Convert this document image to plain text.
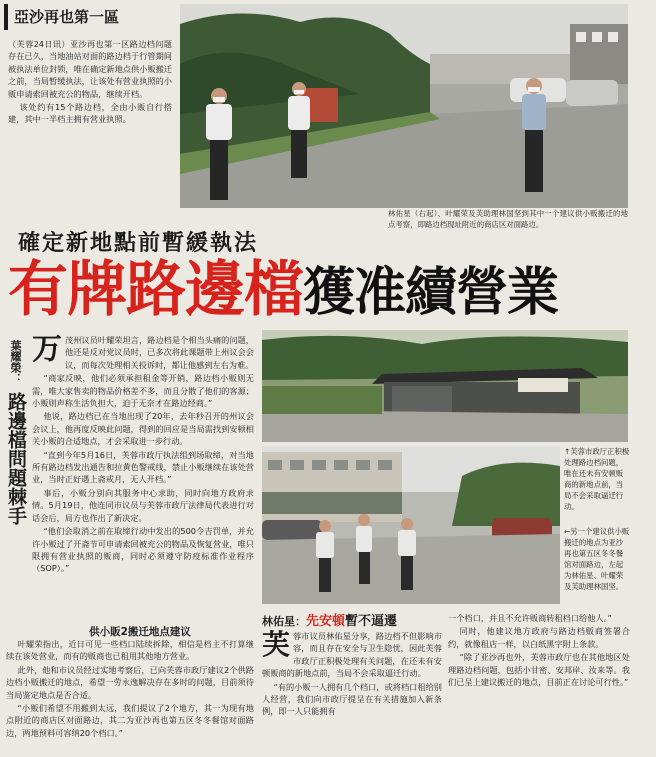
亞沙再也第一區

（芙蓉24日讯）亚沙再也第一区路边档问题存在已久，当地油站对面的路边档于行管期间被执法单位封锁，唯在确定新地点供小贩搬迁之前，当局暂缓执法，让该处有营业执照的小贩申请索回被充公的物品，继续开档。

该处约有15个路边档，全由小贩自行搭建，其中一半档主拥有营业执照。

林佑星（右起）、叶耀荣及芙助理林国坚到其中一个建议供小贩搬迁的地点考察，即路边档现址附近的商店区对面路边。
確定新地點前暫緩執法
有牌路邊檔獲准續營業
葉耀榮：
路邊檔問題棘手
万 茂州议员叶耀荣坦言，路边档是个相当头痛的问题，他还是反对党议员时，已多次将此课题带上州议会会议，而每次处理相关投诉时，都让他感到左右为难。

“商家反映，他们必须承担租金等开销，路边档小贩则无需，唯大家售卖的物品价格差不多，而且分散了他们的客源；小贩则声称生活负担大，迫于无奈才在路边经商。”

他说，路边档已在当地出现了20年，去年秒召开的州议会会议上，他再度反映此问题，得到的回应是当局需找到安顿相关小贩的合适地点，才会采取进一步行动。

“直到今年5月16日，芙蓉市政厅执法组到场取缔，对当地所有路边档发出通告和拉黄色警戒线，禁止小贩继续在该处营业，当时正好遇上斋戒月，无人开档。”

事后，小贩分别向其服务中心求助，同时向地方政府求情。5月19日，他连同市议员与芙蓉市政厅法律局代表进行对话会后，局方也作出了新决定。

“他们会取消之前在取缔行动中发出的500令吉罚单，并允许小贩过了开斋节可申请索回被充公的物品及恢复营业，唯只限拥有营业执照的贩商，同时必须遵守防疫标准作业程序（SOP）。”

供小販2搬迁地点建议

叶耀荣指出，近日可见一些档口陆续拆除，相信是档主不打算继续在该处营业，而有的贩商也已租用其他地方营业。

此外，他和市议员经过实地考察后，已向芙蓉市政厅建议2个供路边档小贩搬迁的地点，希望一劳永逸解决存在多时的问题，目前须待当局鉴定地点是否合适。

“小贩们希望不用搬到太远，我们提议了2个地方，其一为现有地点附近的商店区对面路边，其二为亚沙再也第五区冬冬餐馆对面路边，两地预料可容纳20个档口。”

↑芙蓉市政厅正积极处理路边档问题，唯在还未有安顿贩商的新地点前，当局不会采取逼迁行动。
←另一个建议供小贩搬迁的地点为亚沙再也第五区冬冬餐馆对面路边，左起为林佑星、叶耀荣及芙助理林国坚。
林佑星：先安頓暫不逼遷
芙 蓉市议员林佑星分享，路边档不但影响市容，而且存在安全与卫生隐忧，因此芙蓉市政厅正积极处理有关问题，在还未有安顿贩商的新地点前，当局不会采取逼迁行动。

“有的小贩一人拥有几个档口，或将档口租给别人经营，我们向市政厅提呈在有关措施加入新条例，即一人只能拥有

一个档口，并且不允许贩商转租档口给他人。”

同时，他建议地方政府与路边档贩商签署合约，就像租店一样，以白纸黑字附上条款。

“除了亚沙再也外，芙蓉市政厅也在其他地区处理路边档问题，包括小甘密、安邦岸、汝来等。我们已呈上建议搬迁的地点，目前正在讨论可行性。”
